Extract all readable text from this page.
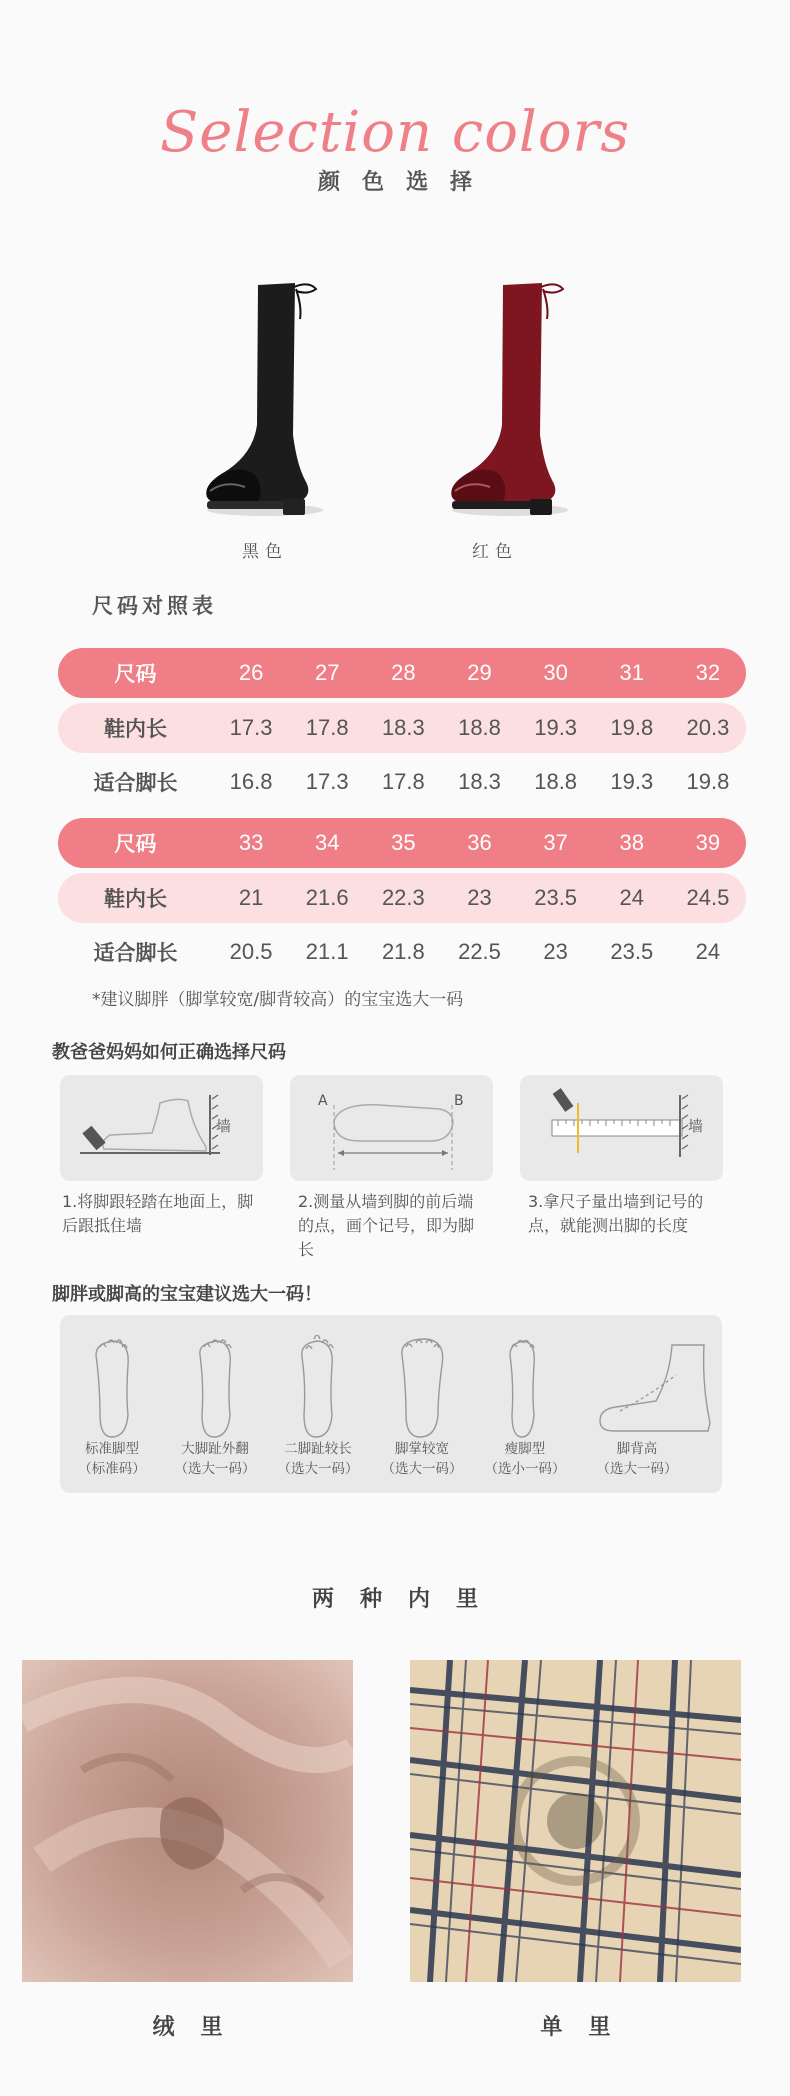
Selection colors
颜色选择
黑色	红色
尺码对照表
尺码	26	27	28	29	30	31	32
鞋内长	17.3	17.8	18.3	18.8	19.3	19.8	20.3
适合脚长	16.8	17.3	17.8	18.3	18.8	19.3	19.8
尺码	33	34	35	36	37	38	39
鞋内长	21	21.6	22.3	23	23.5	24	24.5
适合脚长	20.5	21.1	21.8	22.5	23	23.5	24
*建议脚胖（脚掌较宽/脚背较高）的宝宝选大一码
教爸爸妈妈如何正确选择尺码
墙
A	B
墙
1.将脚跟轻踏在地面上，脚后跟抵住墙
2.测量从墙到脚的前后端的点，画个记号，即为脚长
3.拿尺子量出墙到记号的点，就能测出脚的长度
脚胖或脚高的宝宝建议选大一码！
标准脚型
（标准码）
大脚趾外翻
（选大一码）
二脚趾较长
（选大一码）
脚掌较宽
（选大一码）
瘦脚型
（选小一码）
脚背高
（选大一码）
两种内里
绒里	单里
